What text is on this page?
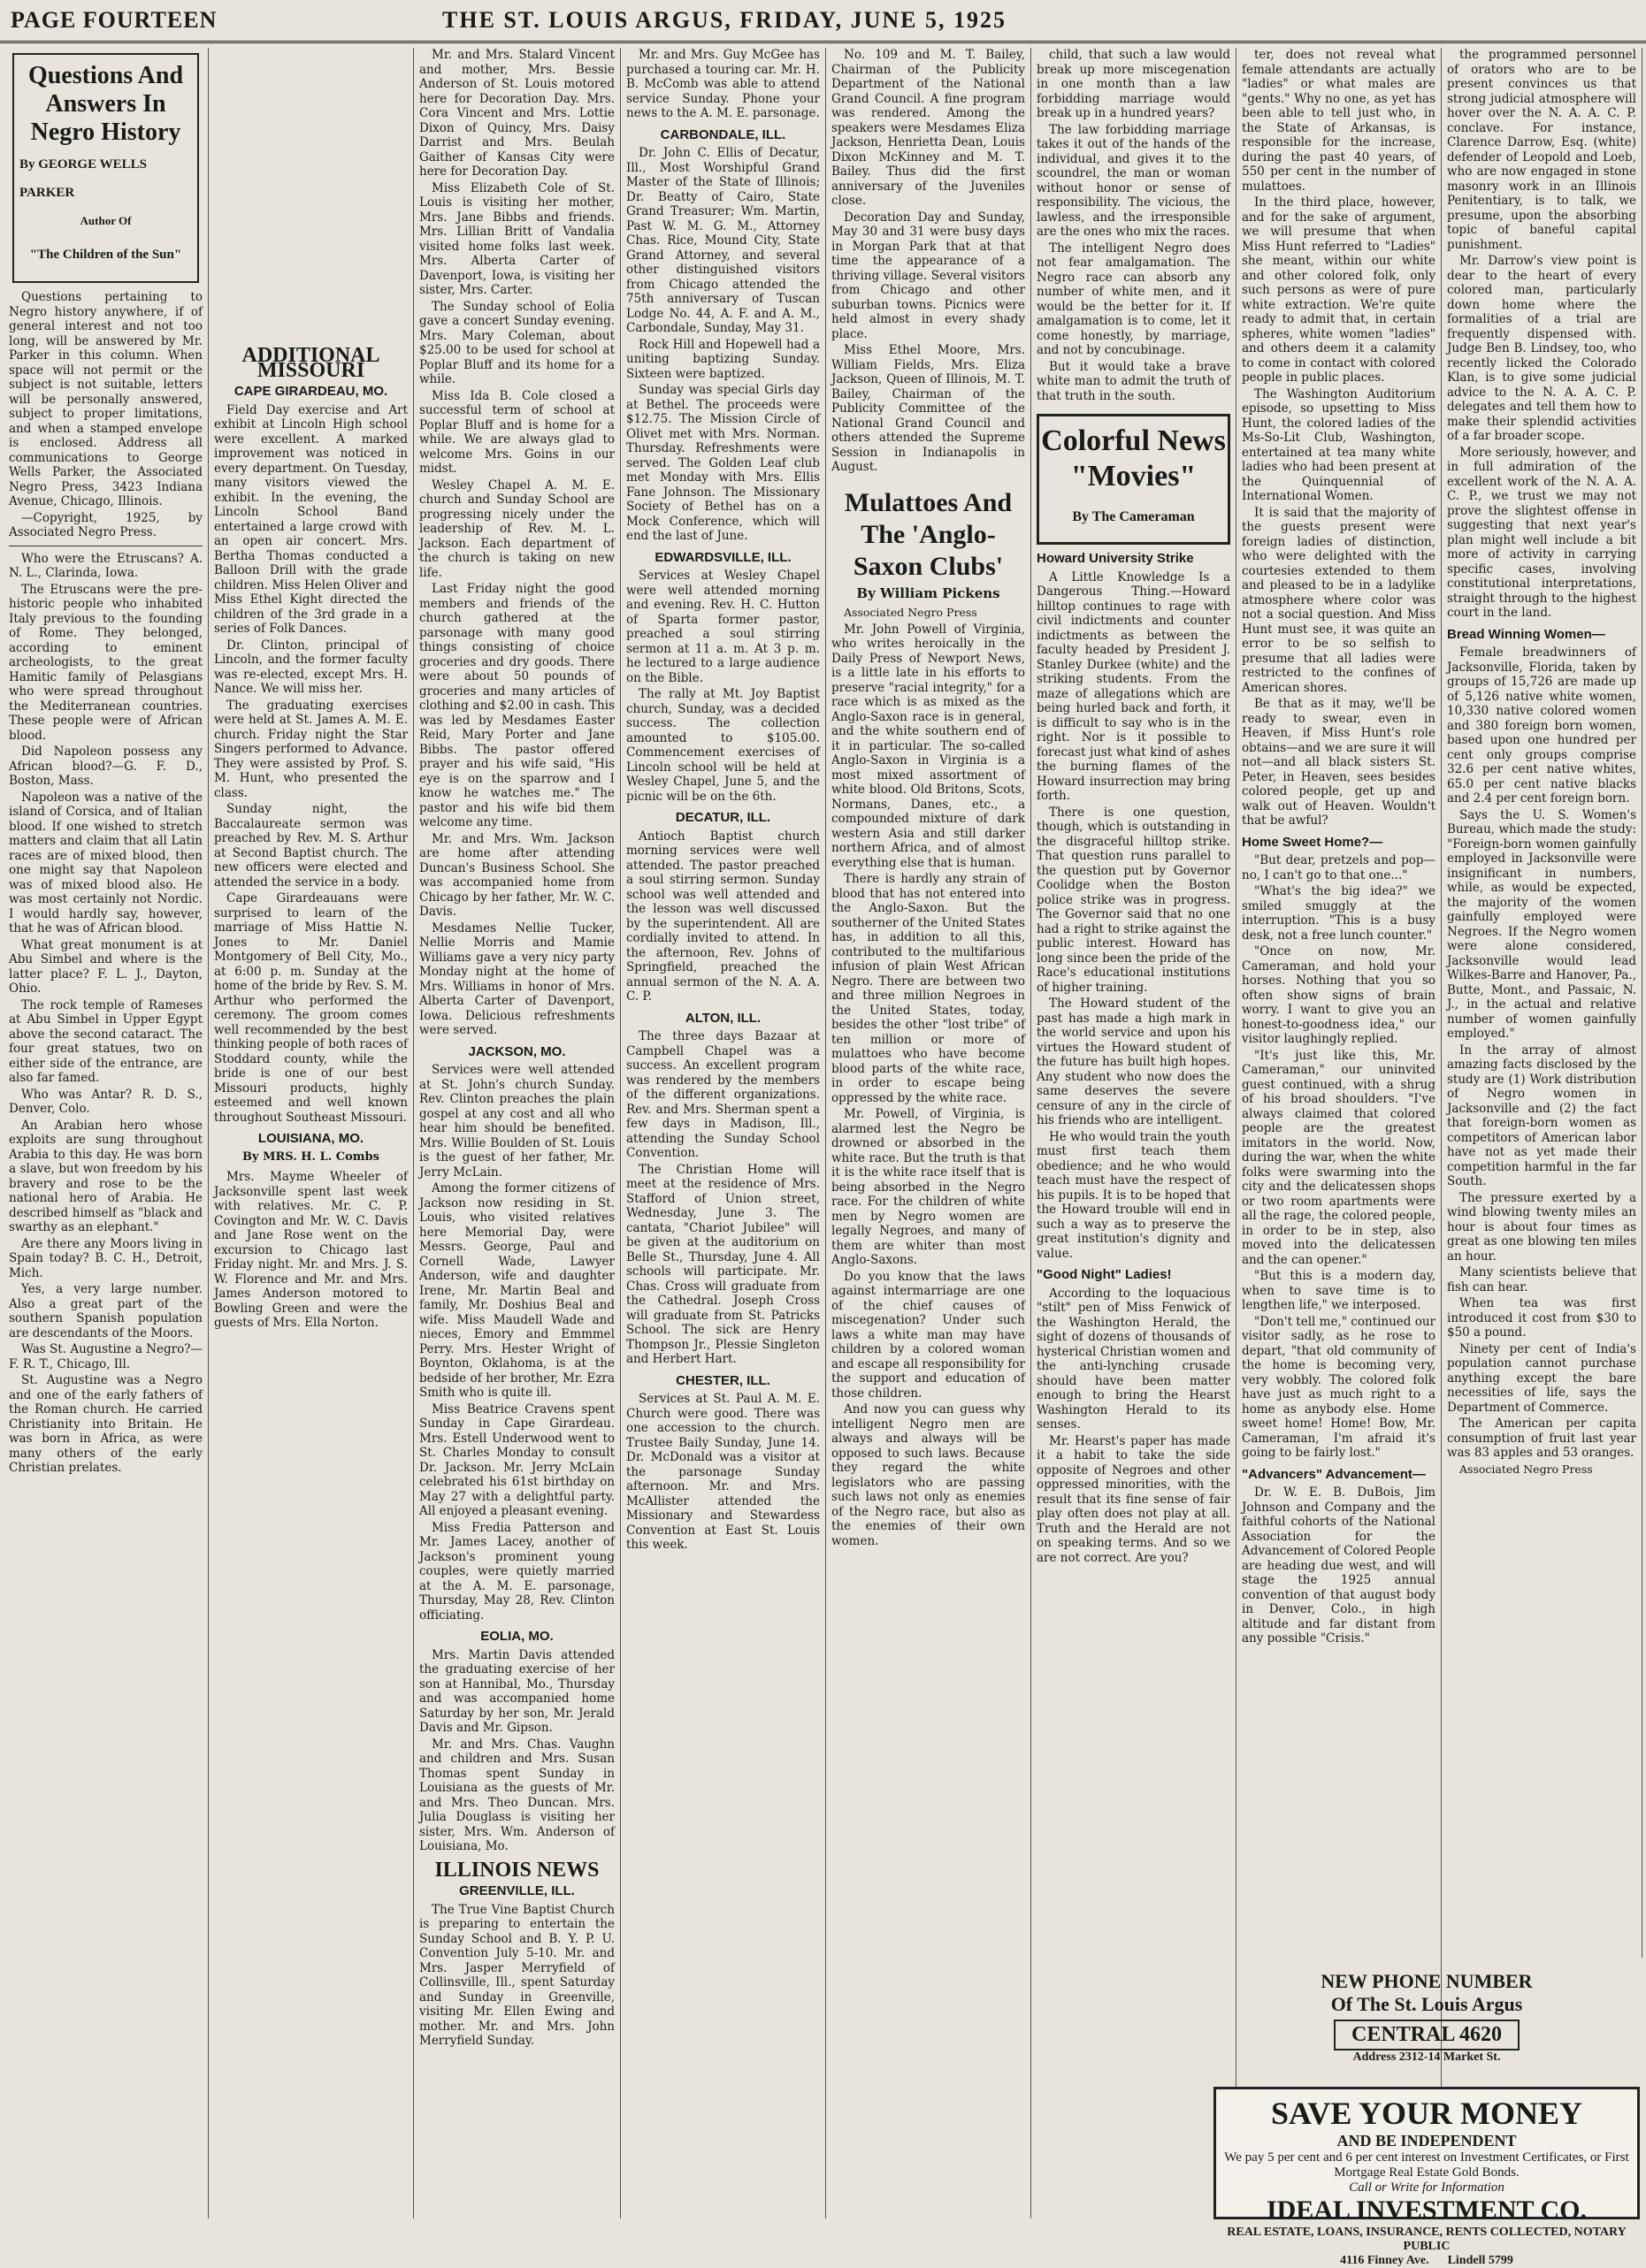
PAGE FOURTEEN	THE ST. LOUIS ARGUS, FRIDAY, JUNE 5, 1925
Questions And Answers In Negro History
By GEORGE WELLS PARKER
Author Of
"The Children of the Sun"

Questions pertaining to Negro history anywhere, if of general interest and not too long, will be answered by Mr. Parker in this column. When space will not permit or the subject is not suitable, letters will be personally answered, subject to proper limitations, and when a stamped envelope is enclosed. Address all communications to George Wells Parker, the Associated Negro Press, 3423 Indiana Avenue, Chicago, Illinois.

—Copyright, 1925, by Associated Negro Press.

Who were the Etruscans? A. N. L., Clarinda, Iowa.

The Etruscans were the pre-historic people who inhabited Italy previous to the founding of Rome. They belonged, according to eminent archeologists, to the great Hamitic family of Pelasgians who were spread throughout the Mediterranean countries. These people were of African blood.

Did Napoleon possess any African blood?—G. F. D., Boston, Mass.

Napoleon was a native of the island of Corsica, and of Italian blood. If one wished to stretch matters and claim that all Latin races are of mixed blood, then one might say that Napoleon was of mixed blood also. He was most certainly not Nordic. I would hardly say, however, that he was of African blood.

What great monument is at Abu Simbel and where is the latter place? F. L. J., Dayton, Ohio.

The rock temple of Rameses at Abu Simbel in Upper Egypt above the second cataract. The four great statues, two on either side of the entrance, are also far famed.

Who was Antar? R. D. S., Denver, Colo.

An Arabian hero whose exploits are sung throughout Arabia to this day. He was born a slave, but won freedom by his bravery and rose to be the national hero of Arabia. He described himself as "black and swarthy as an elephant."

Are there any Moors living in Spain today? B. C. H., Detroit, Mich.

Yes, a very large number. Also a great part of the southern Spanish population are descendants of the Moors.

Was St. Augustine a Negro?—F. R. T., Chicago, Ill.

St. Augustine was a Negro and one of the early fathers of the Roman church. He carried Christianity into Britain. He was born in Africa, as were many others of the early Christian prelates.

ADDITIONAL MISSOURI
CAPE GIRARDEAU, MO.

Field Day exercise and Art exhibit at Lincoln High school were excellent. A marked improvement was noticed in every department. On Tuesday, many visitors viewed the exhibit. In the evening, the Lincoln School Band entertained a large crowd with an open air concert. Mrs. Bertha Thomas conducted a Balloon Drill with the grade children. Miss Helen Oliver and Miss Ethel Kight directed the children of the 3rd grade in a series of Folk Dances.

Dr. Clinton, principal of Lincoln, and the former faculty was re-elected, except Mrs. H. Nance. We will miss her.

The graduating exercises were held at St. James A. M. E. church. Friday night the Star Singers performed to Advance. They were assisted by Prof. S. M. Hunt, who presented the class.

Sunday night, the Baccalaureate sermon was preached by Rev. M. S. Arthur at Second Baptist church. The new officers were elected and attended the service in a body.

Cape Girardeauans were surprised to learn of the marriage of Miss Hattie N. Jones to Mr. Daniel Montgomery of Bell City, Mo., at 6:00 p. m. Sunday at the home of the bride by Rev. S. M. Arthur who performed the ceremony. The groom comes well recommended by the best thinking people of both races of Stoddard county, while the bride is one of our best Missouri products, highly esteemed and well known throughout Southeast Missouri.

LOUISIANA, MO.
By MRS. H. L. Combs

Mrs. Mayme Wheeler of Jacksonville spent last week with relatives. Mr. C. P. Covington and Mr. W. C. Davis and Jane Rose went on the excursion to Chicago last Friday night. Mr. and Mrs. J. S. W. Florence and Mr. and Mrs. James Anderson motored to Bowling Green and were the guests of Mrs. Ella Norton.

Mr. and Mrs. Stalard Vincent and mother, Mrs. Bessie Anderson of St. Louis motored here for Decoration Day. Mrs. Cora Vincent and Mrs. Lottie Dixon of Quincy, Mrs. Daisy Darrist and Mrs. Beulah Gaither of Kansas City were here for Decoration Day.

Miss Elizabeth Cole of St. Louis is visiting her mother, Mrs. Jane Bibbs and friends. Mrs. Lillian Britt of Vandalia visited home folks last week. Mrs. Alberta Carter of Davenport, Iowa, is visiting her sister, Mrs. Carter.

The Sunday school of Eolia gave a concert Sunday evening. Mrs. Mary Coleman, about $25.00 to be used for school at Poplar Bluff and its home for a while.

Miss Ida B. Cole closed a successful term of school at Poplar Bluff and is home for a while. We are always glad to welcome Mrs. Goins in our midst.

Wesley Chapel A. M. E. church and Sunday School are progressing nicely under the leadership of Rev. M. L. Jackson. Each department of the church is taking on new life.

Last Friday night the good members and friends of the church gathered at the parsonage with many good things consisting of choice groceries and dry goods. There were about 50 pounds of groceries and many articles of clothing and $2.00 in cash. This was led by Mesdames Easter Reid, Mary Porter and Jane Bibbs. The pastor offered prayer and his wife said, "His eye is on the sparrow and I know he watches me." The pastor and his wife bid them welcome any time.

Mr. and Mrs. Wm. Jackson are home after attending Duncan's Business School. She was accompanied home from Chicago by her father, Mr. W. C. Davis.

Mesdames Nellie Tucker, Nellie Morris and Mamie Williams gave a very nicy party Monday night at the home of Mrs. Williams in honor of Mrs. Alberta Carter of Davenport, Iowa. Delicious refreshments were served.

JACKSON, MO.

Services were well attended at St. John's church Sunday. Rev. Clinton preaches the plain gospel at any cost and all who hear him should be benefited. Mrs. Willie Boulden of St. Louis is the guest of her father, Mr. Jerry McLain.

Among the former citizens of Jackson now residing in St. Louis, who visited relatives here Memorial Day, were Messrs. George, Paul and Cornell Wade, Lawyer Anderson, wife and daughter Irene, Mr. Martin Beal and family, Mr. Doshius Beal and wife. Miss Maudell Wade and nieces, Emory and Emmmel Perry. Mrs. Hester Wright of Boynton, Oklahoma, is at the bedside of her brother, Mr. Ezra Smith who is quite ill.

Miss Beatrice Cravens spent Sunday in Cape Girardeau. Mrs. Estell Underwood went to St. Charles Monday to consult Dr. Jackson. Mr. Jerry McLain celebrated his 61st birthday on May 27 with a delightful party. All enjoyed a pleasant evening.

Miss Fredia Patterson and Mr. James Lacey, another of Jackson's prominent young couples, were quietly married at the A. M. E. parsonage, Thursday, May 28, Rev. Clinton officiating.

EOLIA, MO.

Mrs. Martin Davis attended the graduating exercise of her son at Hannibal, Mo., Thursday and was accompanied home Saturday by her son, Mr. Jerald Davis and Mr. Gipson.

Mr. and Mrs. Chas. Vaughn and children and Mrs. Susan Thomas spent Sunday in Louisiana as the guests of Mr. and Mrs. Theo Duncan. Mrs. Julia Douglass is visiting her sister, Mrs. Wm. Anderson of Louisiana, Mo.

ILLINOIS NEWS
GREENVILLE, ILL.

The True Vine Baptist Church is preparing to entertain the Sunday School and B. Y. P. U. Convention July 5-10. Mr. and Mrs. Jasper Merryfield of Collinsville, Ill., spent Saturday and Sunday in Greenville, visiting Mr. Ellen Ewing and mother. Mr. and Mrs. John Merryfield Sunday.

Mr. and Mrs. Guy McGee has purchased a touring car. Mr. H. B. McComb was able to attend service Sunday. Phone your news to the A. M. E. parsonage.

CARBONDALE, ILL.

Dr. John C. Ellis of Decatur, Ill., Most Worshipful Grand Master of the State of Illinois; Dr. Beatty of Cairo, State Grand Treasurer; Wm. Martin, Past W. M. G. M., Attorney Chas. Rice, Mound City, State Grand Attorney, and several other distinguished visitors from Chicago attended the 75th anniversary of Tuscan Lodge No. 44, A. F. and A. M., Carbondale, Sunday, May 31.

Rock Hill and Hopewell had a uniting baptizing Sunday. Sixteen were baptized.

Sunday was special Girls day at Bethel. The proceeds were $12.75. The Mission Circle of Olivet met with Mrs. Norman. Thursday. Refreshments were served. The Golden Leaf club met Monday with Mrs. Ellis Fane Johnson. The Missionary Society of Bethel has on a Mock Conference, which will end the last of June.

EDWARDSVILLE, ILL.

Services at Wesley Chapel were well attended morning and evening. Rev. H. C. Hutton of Sparta former pastor, preached a soul stirring sermon at 11 a. m. At 3 p. m. he lectured to a large audience on the Bible.

The rally at Mt. Joy Baptist church, Sunday, was a decided success. The collection amounted to $105.00. Commencement exercises of Lincoln school will be held at Wesley Chapel, June 5, and the picnic will be on the 6th.

DECATUR, ILL.

Antioch Baptist church morning services were well attended. The pastor preached a soul stirring sermon. Sunday school was well attended and the lesson was well discussed by the superintendent. All are cordially invited to attend. In the afternoon, Rev. Johns of Springfield, preached the annual sermon of the N. A. A. C. P.

ALTON, ILL.

The three days Bazaar at Campbell Chapel was a success. An excellent program was rendered by the members of the different organizations. Rev. and Mrs. Sherman spent a few days in Madison, Ill., attending the Sunday School Convention.

The Christian Home will meet at the residence of Mrs. Stafford of Union street, Wednesday, June 3. The cantata, "Chariot Jubilee" will be given at the auditorium on Belle St., Thursday, June 4. All schools will participate. Mr. Chas. Cross will graduate from the Cathedral. Joseph Cross will graduate from St. Patricks School. The sick are Henry Thompson Jr., Plessie Singleton and Herbert Hart.

CHESTER, ILL.

Services at St. Paul A. M. E. Church were good. There was one accession to the church. Trustee Baily Sunday, June 14. Dr. McDonald was a visitor at the parsonage Sunday afternoon. Mr. and Mrs. McAllister attended the Missionary and Stewardess Convention at East St. Louis this week.

No. 109 and M. T. Bailey, Chairman of the Publicity Department of the National Grand Council. A fine program was rendered. Among the speakers were Mesdames Eliza Jackson, Henrietta Dean, Louis Dixon McKinney and M. T. Bailey. Thus did the first anniversary of the Juveniles close.

Decoration Day and Sunday, May 30 and 31 were busy days in Morgan Park that at that time the appearance of a thriving village. Several visitors from Chicago and other suburban towns. Picnics were held almost in every shady place.

Miss Ethel Moore, Mrs. William Fields, Mrs. Eliza Jackson, Queen of Illinois, M. T. Bailey, Chairman of the Publicity Committee of the National Grand Council and others attended the Supreme Session in Indianapolis in August.

Mulattoes And The 'Anglo-Saxon Clubs'
By William Pickens

Associated Negro Press

Mr. John Powell of Virginia, who writes heroically in the Daily Press of Newport News, is a little late in his efforts to preserve "racial integrity," for a race which is as mixed as the Anglo-Saxon race is in general, and the white southern end of it in particular. The so-called Anglo-Saxon in Virginia is a most mixed assortment of white blood. Old Britons, Scots, Normans, Danes, etc., a compounded mixture of dark western Asia and still darker northern Africa, and of almost everything else that is human.

There is hardly any strain of blood that has not entered into the Anglo-Saxon. But the southerner of the United States has, in addition to all this, contributed to the multifarious infusion of plain West African Negro. There are between two and three million Negroes in the United States, today, besides the other "lost tribe" of ten million or more of mulattoes who have become blood parts of the white race, in order to escape being oppressed by the white race.

Mr. Powell, of Virginia, is alarmed lest the Negro be drowned or absorbed in the white race. But the truth is that it is the white race itself that is being absorbed in the Negro race. For the children of white men by Negro women are legally Negroes, and many of them are whiter than most Anglo-Saxons.

Do you know that the laws against intermarriage are one of the chief causes of miscegenation? Under such laws a white man may have children by a colored woman and escape all responsibility for the support and education of those children.

And now you can guess why intelligent Negro men are always and always will be opposed to such laws. Because they regard the white legislators who are passing such laws not only as enemies of the Negro race, but also as the enemies of their own women.

child, that such a law would break up more miscegenation in one month than a law forbidding marriage would break up in a hundred years?

The law forbidding marriage takes it out of the hands of the individual, and gives it to the scoundrel, the man or woman without honor or sense of responsibility. The vicious, the lawless, and the irresponsible are the ones who mix the races.

The intelligent Negro does not fear amalgamation. The Negro race can absorb any number of white men, and it would be the better for it. If amalgamation is to come, let it come honestly, by marriage, and not by concubinage.

But it would take a brave white man to admit the truth of that truth in the south.

Colorful News "Movies"
By The Cameraman
Howard University Strike

A Little Knowledge Is a Dangerous Thing.—Howard hilltop continues to rage with civil indictments and counter indictments as between the faculty headed by President J. Stanley Durkee (white) and the striking students. From the maze of allegations which are being hurled back and forth, it is difficult to say who is in the right. Nor is it possible to forecast just what kind of ashes the burning flames of the Howard insurrection may bring forth.

There is one question, though, which is outstanding in the disgraceful hilltop strike. That question runs parallel to the question put by Governor Coolidge when the Boston police strike was in progress. The Governor said that no one had a right to strike against the public interest. Howard has long since been the pride of the Race's educational institutions of higher training.

The Howard student of the past has made a high mark in the world service and upon his virtues the Howard student of the future has built high hopes. Any student who now does the same deserves the severe censure of any in the circle of his friends who are intelligent.

He who would train the youth must first teach them obedience; and he who would teach must have the respect of his pupils. It is to be hoped that the Howard trouble will end in such a way as to preserve the great institution's dignity and value.

"Good Night" Ladies!

According to the loquacious "stilt" pen of Miss Fenwick of the Washington Herald, the sight of dozens of thousands of hysterical Christian women and the anti-lynching crusade should have been matter enough to bring the Hearst Washington Herald to its senses.

Mr. Hearst's paper has made it a habit to take the side opposite of Negroes and other oppressed minorities, with the result that its fine sense of fair play often does not play at all. Truth and the Herald are not on speaking terms. And so we are not correct. Are you?

ter, does not reveal what female attendants are actually "ladies" or what males are "gents." Why no one, as yet has been able to tell just who, in the State of Arkansas, is responsible for the increase, during the past 40 years, of 550 per cent in the number of mulattoes.

In the third place, however, and for the sake of argument, we will presume that when Miss Hunt referred to "Ladies" she meant, within our white and other colored folk, only such persons as were of pure white extraction. We're quite ready to admit that, in certain spheres, white women "ladies" and others deem it a calamity to come in contact with colored people in public places.

The Washington Auditorium episode, so upsetting to Miss Hunt, the colored ladies of the Ms-So-Lit Club, Washington, entertained at tea many white ladies who had been present at the Quinquennial of International Women.

It is said that the majority of the guests present were foreign ladies of distinction, who were delighted with the courtesies extended to them and pleased to be in a ladylike atmosphere where color was not a social question. And Miss Hunt must see, it was quite an error to be so selfish to presume that all ladies were restricted to the confines of American shores.

Be that as it may, we'll be ready to swear, even in Heaven, if Miss Hunt's role obtains—and we are sure it will not—and all black sisters St. Peter, in Heaven, sees besides colored people, get up and walk out of Heaven. Wouldn't that be awful?

Home Sweet Home?—

"But dear, pretzels and pop—no, I can't go to that one..."

"What's the big idea?" we smiled smuggly at the interruption. "This is a busy desk, not a free lunch counter."

"Once on now, Mr. Cameraman, and hold your horses. Nothing that you so often show signs of brain worry. I want to give you an honest-to-goodness idea," our visitor laughingly replied.

"It's just like this, Mr. Cameraman," our uninvited guest continued, with a shrug of his broad shoulders. "I've always claimed that colored people are the greatest imitators in the world. Now, during the war, when the white folks were swarming into the city and the delicatessen shops or two room apartments were all the rage, the colored people, in order to be in step, also moved into the delicatessen and the can opener."

"But this is a modern day, when to save time is to lengthen life," we interposed.

"Don't tell me," continued our visitor sadly, as he rose to depart, "that old community of the home is becoming very, very wobbly. The colored folk have just as much right to a home as anybody else. Home sweet home! Home! Bow, Mr. Cameraman, I'm afraid it's going to be fairly lost."

"Advancers" Advancement—

Dr. W. E. B. DuBois, Jim Johnson and Company and the faithful cohorts of the National Association for the Advancement of Colored People are heading due west, and will stage the 1925 annual convention of that august body in Denver, Colo., in high altitude and far distant from any possible "Crisis."

the programmed personnel of orators who are to be present convinces us that strong judicial atmosphere will hover over the N. A. A. C. P. conclave. For instance, Clarence Darrow, Esq. (white) defender of Leopold and Loeb, who are now engaged in stone masonry work in an Illinois Penitentiary, is to talk, we presume, upon the absorbing topic of baneful capital punishment.

Mr. Darrow's view point is dear to the heart of every colored man, particularly down home where the formalities of a trial are frequently dispensed with. Judge Ben B. Lindsey, too, who recently licked the Colorado Klan, is to give some judicial advice to the N. A. A. C. P. delegates and tell them how to make their splendid activities of a far broader scope.

More seriously, however, and in full admiration of the excellent work of the N. A. A. C. P., we trust we may not prove the slightest offense in suggesting that next year's plan might well include a bit more of activity in carrying specific cases, involving constitutional interpretations, straight through to the highest court in the land.

Bread Winning Women—

Female breadwinners of Jacksonville, Florida, taken by groups of 15,726 are made up of 5,126 native white women, 10,330 native colored women and 380 foreign born women, based upon one hundred per cent only groups comprise 32.6 per cent native whites, 65.0 per cent native blacks and 2.4 per cent foreign born.

Says the U. S. Women's Bureau, which made the study: "Foreign-born women gainfully employed in Jacksonville were insignificant in numbers, while, as would be expected, the majority of the women gainfully employed were Negroes. If the Negro women were alone considered, Jacksonville would lead Wilkes-Barre and Hanover, Pa., Butte, Mont., and Passaic, N. J., in the actual and relative number of women gainfully employed."

In the array of almost amazing facts disclosed by the study are (1) Work distribution of Negro women in Jacksonville and (2) the fact that foreign-born women as competitors of American labor have not as yet made their competition harmful in the far South.

The pressure exerted by a wind blowing twenty miles an hour is about four times as great as one blowing ten miles an hour.

Many scientists believe that fish can hear.

When tea was first introduced it cost from $30 to $50 a pound.

Ninety per cent of India's population cannot purchase anything except the bare necessities of life, says the Department of Commerce.

The American per capita consumption of fruit last year was 83 apples and 53 oranges.

Associated Negro Press

NEW PHONE NUMBER
Of The St. Louis Argus
CENTRAL 4620
Address 2312-14 Market St.
SAVE YOUR MONEY
AND BE INDEPENDENT
We pay 5 per cent and 6 per cent interest on Investment Certificates, or First Mortgage Real Estate Gold Bonds.
Call or Write for Information
IDEAL INVESTMENT CO.
REAL ESTATE, LOANS, INSURANCE, RENTS COLLECTED, NOTARY PUBLIC
4116 Finney Ave. Lindell 5799
